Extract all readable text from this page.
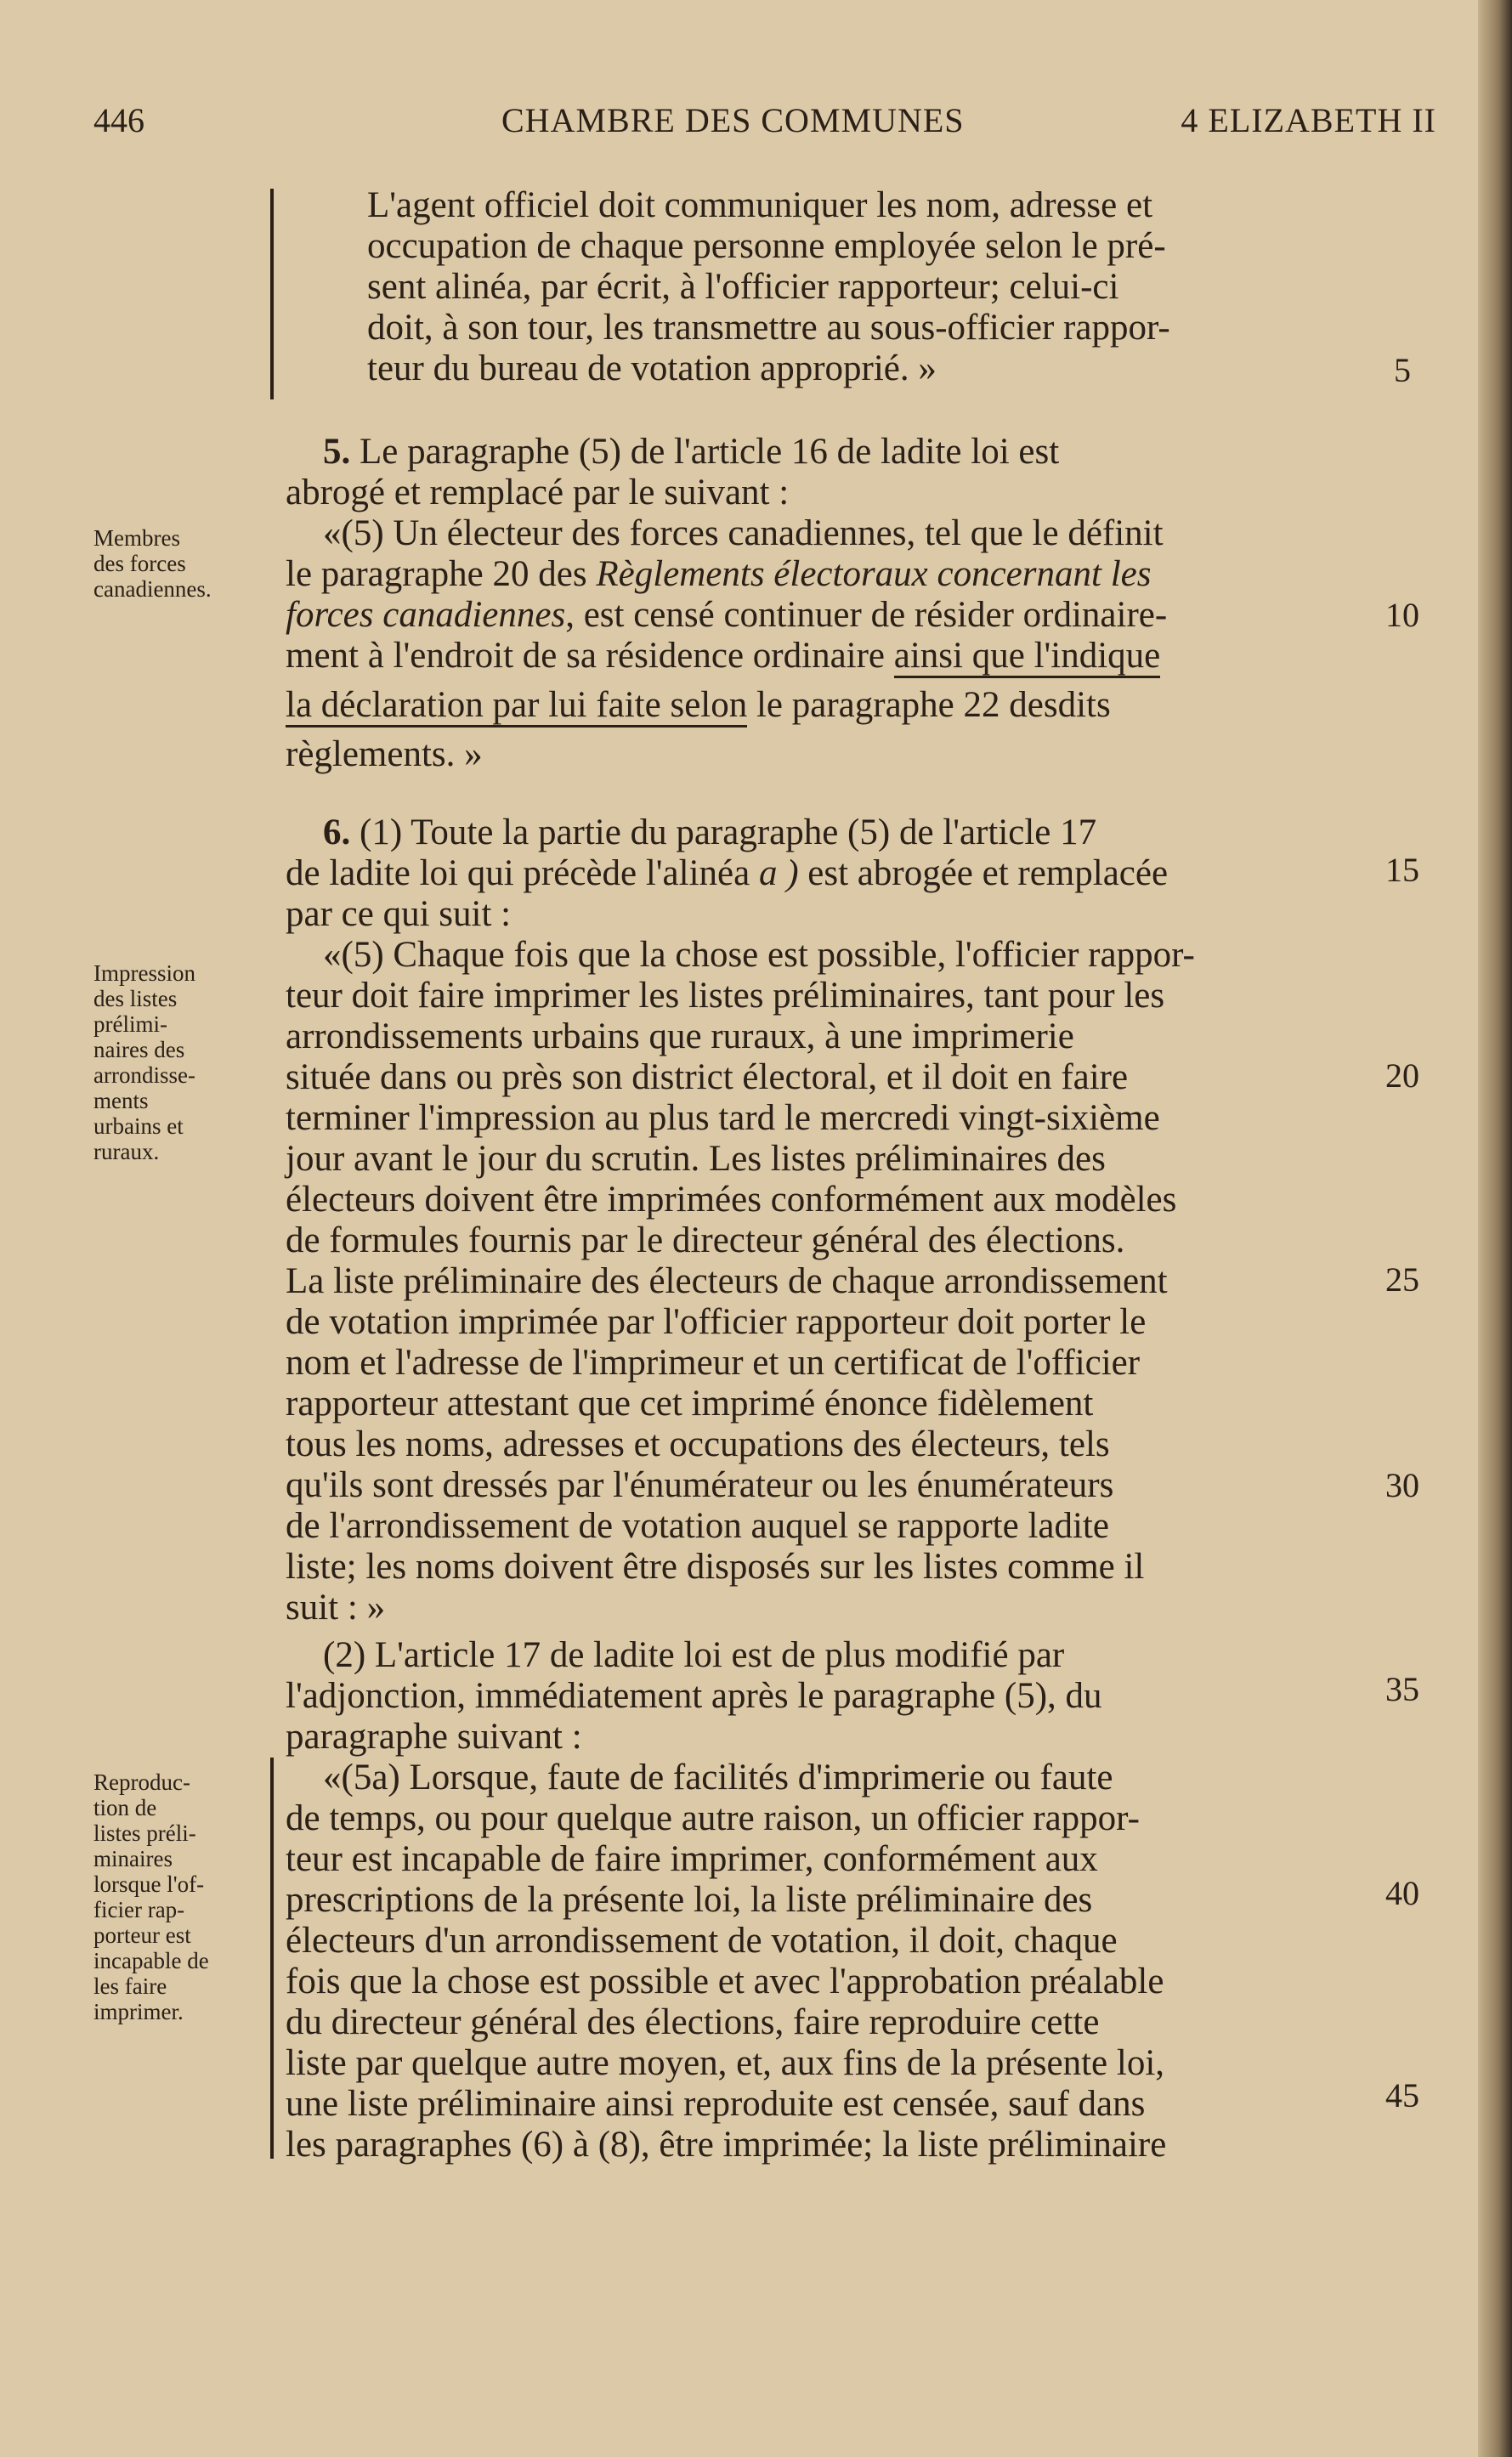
446	CHAMBRE DES COMMUNES	4 ELIZABETH II
Membres
des forces
canadiennes.
Impression
des listes
prélimi-
naires des
arrondisse-
ments
urbains et
ruraux.
Reproduc-
tion de
listes préli-
minaires
lorsque l'of-
ficier rap-
porteur est
incapable de
les faire
imprimer.
5
10
15
20
25
30
35
40
45
L'agent officiel doit communiquer les nom, adresse et
occupation de chaque personne employée selon le pré-
sent alinéa, par écrit, à l'officier rapporteur; celui-ci
doit, à son tour, les transmettre au sous-officier rappor-
teur du bureau de votation approprié. »
5. Le paragraphe (5) de l'article 16 de ladite loi est
abrogé et remplacé par le suivant :
«(5) Un électeur des forces canadiennes, tel que le définit
le paragraphe 20 des Règlements électoraux concernant les
forces canadiennes, est censé continuer de résider ordinaire-
ment à l'endroit de sa résidence ordinaire ainsi que l'indique
la déclaration par lui faite selon le paragraphe 22 desdits
règlements. »
6. (1) Toute la partie du paragraphe (5) de l'article 17
de ladite loi qui précède l'alinéa a ) est abrogée et remplacée
par ce qui suit :
«(5) Chaque fois que la chose est possible, l'officier rappor-
teur doit faire imprimer les listes préliminaires, tant pour les
arrondissements urbains que ruraux, à une imprimerie
située dans ou près son district électoral, et il doit en faire
terminer l'impression au plus tard le mercredi vingt-sixième
jour avant le jour du scrutin. Les listes préliminaires des
électeurs doivent être imprimées conformément aux modèles
de formules fournis par le directeur général des élections.
La liste préliminaire des électeurs de chaque arrondissement
de votation imprimée par l'officier rapporteur doit porter le
nom et l'adresse de l'imprimeur et un certificat de l'officier
rapporteur attestant que cet imprimé énonce fidèlement
tous les noms, adresses et occupations des électeurs, tels
qu'ils sont dressés par l'énumérateur ou les énumérateurs
de l'arrondissement de votation auquel se rapporte ladite
liste; les noms doivent être disposés sur les listes comme il
suit : »
(2) L'article 17 de ladite loi est de plus modifié par
l'adjonction, immédiatement après le paragraphe (5), du
paragraphe suivant :
«(5a) Lorsque, faute de facilités d'imprimerie ou faute
de temps, ou pour quelque autre raison, un officier rappor-
teur est incapable de faire imprimer, conformément aux
prescriptions de la présente loi, la liste préliminaire des
électeurs d'un arrondissement de votation, il doit, chaque
fois que la chose est possible et avec l'approbation préalable
du directeur général des élections, faire reproduire cette
liste par quelque autre moyen, et, aux fins de la présente loi,
une liste préliminaire ainsi reproduite est censée, sauf dans
les paragraphes (6) à (8), être imprimée; la liste préliminaire
